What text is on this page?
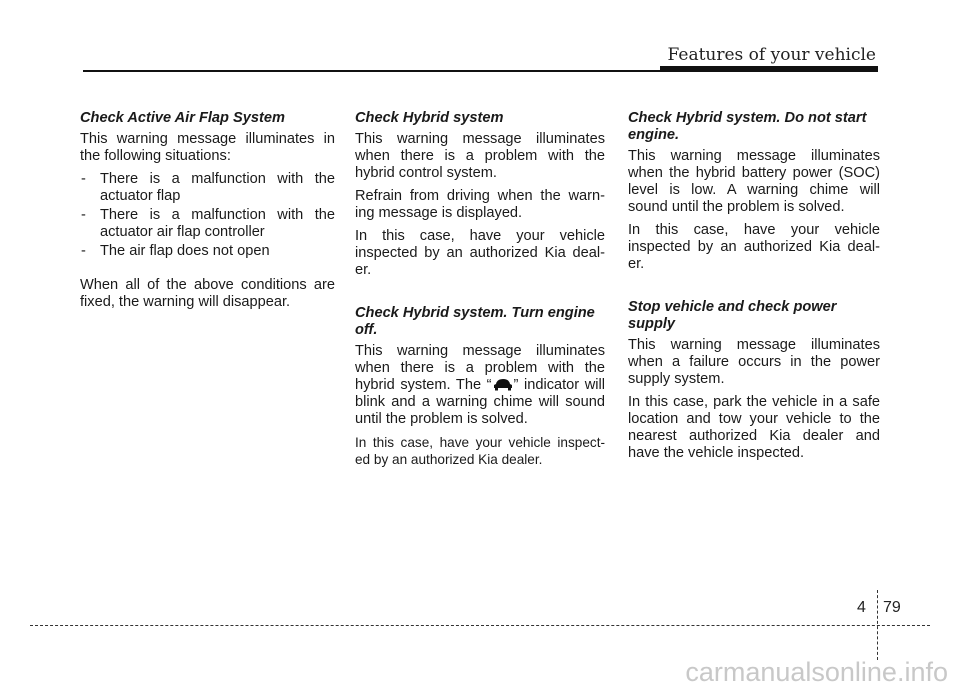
Features of your vehicle
Check Active Air Flap System

This warning message illuminates in the following situations:

- There is a malfunction with the actuator flap
- There is a malfunction with the actuator air flap controller
- The air flap does not open

When all of the above conditions are fixed, the warning will disappear.

Check Hybrid system

This warning message illuminates when there is a problem with the hybrid control system.

Refrain from driving when the warn- ing message is displayed.

In this case, have your vehicle inspected by an authorized Kia deal- er.

Check Hybrid system. Turn engine off.

This warning message illuminates when there is a problem with the hybrid system. The “ ” indicator will blink and a warning chime will sound until the problem is solved.

In this case, have your vehicle inspect- ed by an authorized Kia dealer.

Check Hybrid system. Do not start engine.

This warning message illuminates when the hybrid battery power (SOC) level is low. A warning chime will sound until the problem is solved.

In this case, have your vehicle inspected by an authorized Kia deal- er.

Stop vehicle and check power supply

This warning message illuminates when a failure occurs in the power supply system.

In this case, park the vehicle in a safe location and tow your vehicle to the nearest authorized Kia dealer and have the vehicle inspected.

4 79
carmanualsonline.info
